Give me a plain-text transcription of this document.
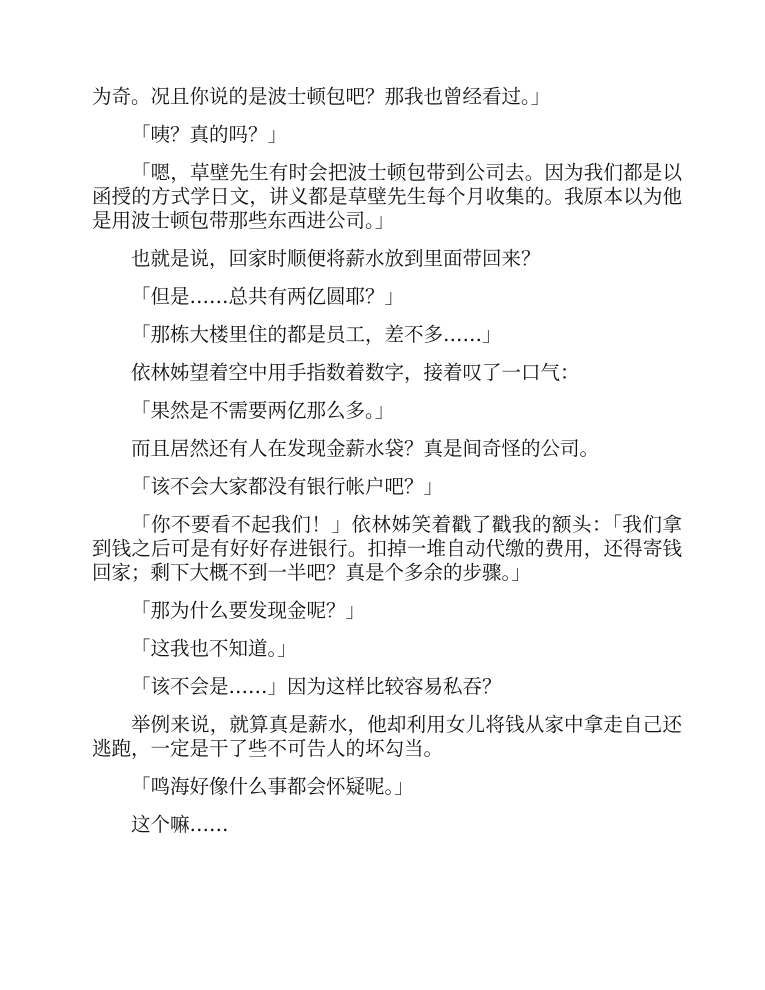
为奇。况且你说的是波士顿包吧？那我也曾经看过。」

「咦？真的吗？」

「嗯，草壁先生有时会把波士顿包带到公司去。因为我们都是以函授的方式学日文，讲义都是草壁先生每个月收集的。我原本以为他是用波士顿包带那些东西进公司。」

也就是说，回家时顺便将薪水放到里面带回来？

「但是……总共有两亿圆耶？」

「那栋大楼里住的都是员工，差不多……」

依林姊望着空中用手指数着数字，接着叹了一口气：

「果然是不需要两亿那么多。」

而且居然还有人在发现金薪水袋？真是间奇怪的公司。

「该不会大家都没有银行帐户吧？」

「你不要看不起我们！」依林姊笑着戳了戳我的额头：「我们拿到钱之后可是有好好存进银行。扣掉一堆自动代缴的费用，还得寄钱回家；剩下大概不到一半吧？真是个多余的步骤。」

「那为什么要发现金呢？」

「这我也不知道。」

「该不会是……」因为这样比较容易私吞？

举例来说，就算真是薪水，他却利用女儿将钱从家中拿走自己还逃跑，一定是干了些不可告人的坏勾当。

「鸣海好像什么事都会怀疑呢。」

这个嘛……
